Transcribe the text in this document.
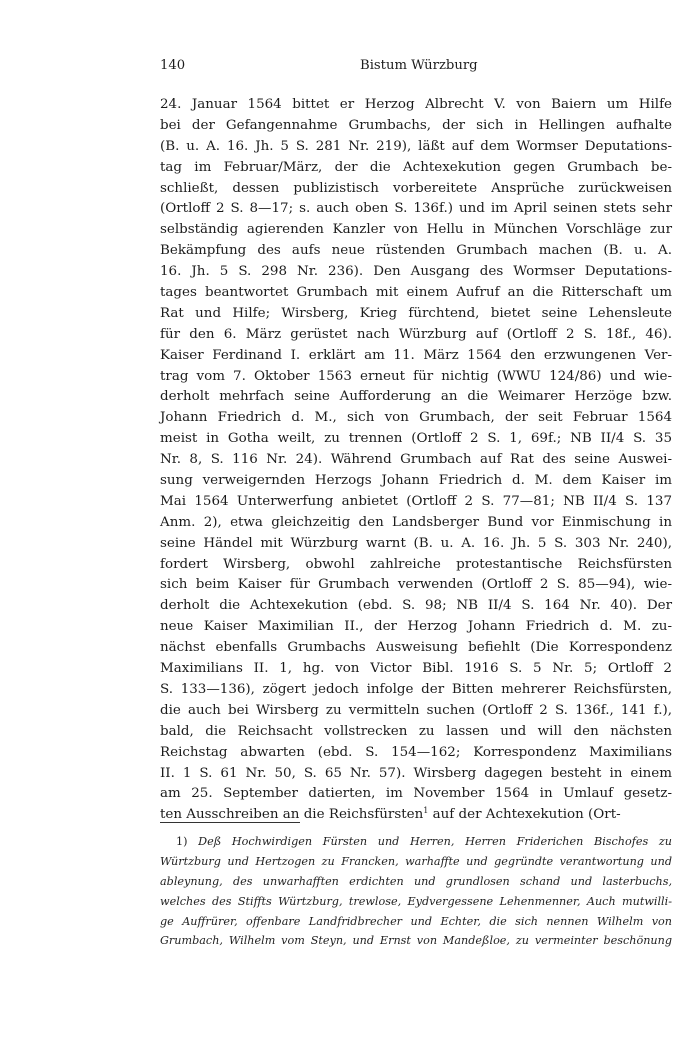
140	Bistum Würzburg
24. Januar 1564 bittet er Herzog Albrecht V. von Baiern um Hilfe
bei der Gefangennahme Grumbachs, der sich in Hellingen aufhalte
(B. u. A. 16. Jh. 5 S. 281 Nr. 219), läßt auf dem Wormser Deputations-
tag im Februar/März, der die Achtexekution gegen Grumbach be-
schließt, dessen publizistisch vorbereitete Ansprüche zurückweisen
(Ortloff 2 S. 8—17; s. auch oben S. 136f.) und im April seinen stets sehr
selbständig agierenden Kanzler von Hellu in München Vorschläge zur
Bekämpfung des aufs neue rüstenden Grumbach machen (B. u. A.
16. Jh. 5 S. 298 Nr. 236). Den Ausgang des Wormser Deputations-
tages beantwortet Grumbach mit einem Aufruf an die Ritterschaft um
Rat und Hilfe; Wirsberg, Krieg fürchtend, bietet seine Lehensleute
für den 6. März gerüstet nach Würzburg auf (Ortloff 2 S. 18f., 46).
Kaiser Ferdinand I. erklärt am 11. März 1564 den erzwungenen Ver-
trag vom 7. Oktober 1563 erneut für nichtig (WWU 124/86) und wie-
derholt mehrfach seine Aufforderung an die Weimarer Herzöge bzw.
Johann Friedrich d. M., sich von Grumbach, der seit Februar 1564
meist in Gotha weilt, zu trennen (Ortloff 2 S. 1, 69f.; NB II/4 S. 35
Nr. 8, S. 116 Nr. 24). Während Grumbach auf Rat des seine Auswei-
sung verweigernden Herzogs Johann Friedrich d. M. dem Kaiser im
Mai 1564 Unterwerfung anbietet (Ortloff 2 S. 77—81; NB II/4 S. 137
Anm. 2), etwa gleichzeitig den Landsberger Bund vor Einmischung in
seine Händel mit Würzburg warnt (B. u. A. 16. Jh. 5 S. 303 Nr. 240),
fordert Wirsberg, obwohl zahlreiche protestantische Reichsfürsten
sich beim Kaiser für Grumbach verwenden (Ortloff 2 S. 85—94), wie-
derholt die Achtexekution (ebd. S. 98; NB II/4 S. 164 Nr. 40). Der
neue Kaiser Maximilian II., der Herzog Johann Friedrich d. M. zu-
nächst ebenfalls Grumbachs Ausweisung befiehlt (Die Korrespondenz
Maximilians II. 1, hg. von Victor Bibl. 1916 S. 5 Nr. 5; Ortloff 2
S. 133—136), zögert jedoch infolge der Bitten mehrerer Reichsfürsten,
die auch bei Wirsberg zu vermitteln suchen (Ortloff 2 S. 136f., 141 f.),
bald, die Reichsacht vollstrecken zu lassen und will den nächsten
Reichstag abwarten (ebd. S. 154—162; Korrespondenz Maximilians
II. 1 S. 61 Nr. 50, S. 65 Nr. 57). Wirsberg dagegen besteht in einem
am 25. September datierten, im November 1564 in Umlauf gesetz-
ten Ausschreiben an die Reichsfürsten$^1$ auf der Achtexekution (Ort-
1) Deß Hochwirdigen Fürsten und Herren, Herren Friderichen Bischofes zu
Würtzburg und Hertzogen zu Francken, warhaffte und gegründte verantwortung und
ableynung, des unwarhafften erdichten und grundlosen schand und lasterbuchs,
welches des Stiffts Würtzburg, trewlose, Eydvergessene Lehenmenner, Auch mutwilli-
ge Auffrürer, offenbare Landfridbrecher und Echter, die sich nennen Wilhelm von
Grumbach, Wilhelm vom Steyn, und Ernst von Mandeßloe, zu vermeinter beschönung
